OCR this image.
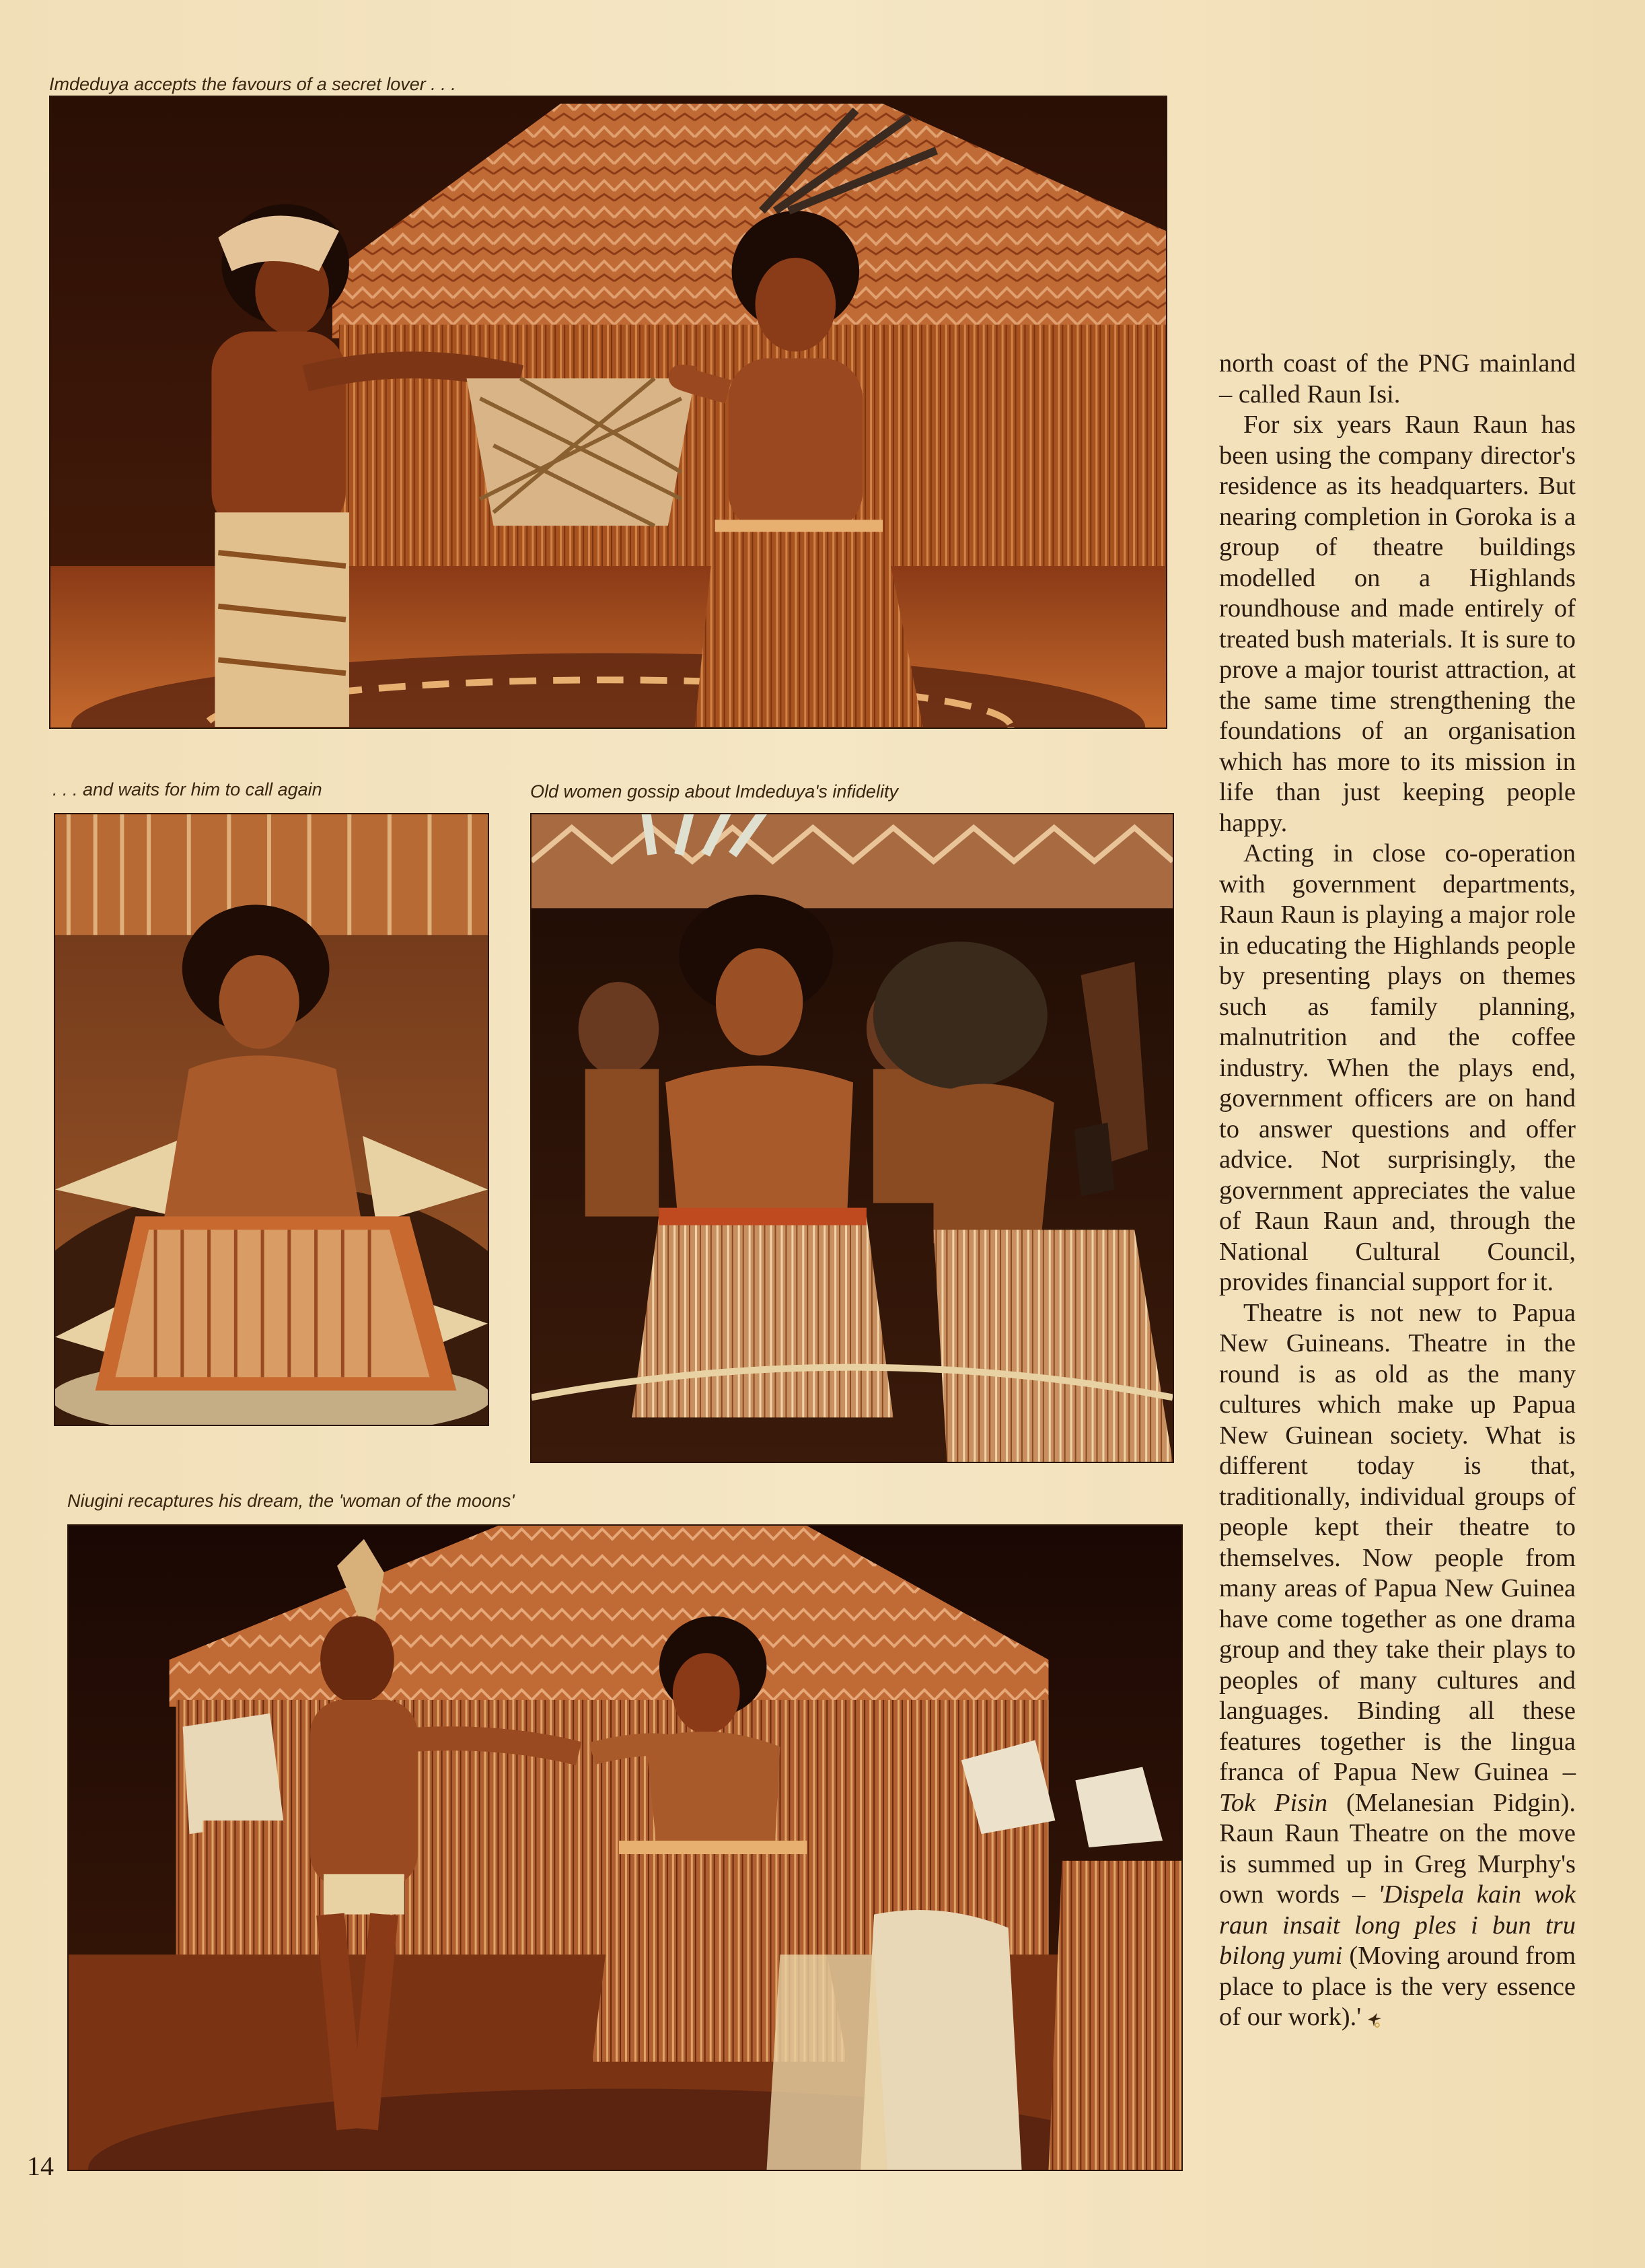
Imdeduya accepts the favours of a secret lover . . .
. . . and waits for him to call again	Old women gossip about Imdeduya's infidelity
Niugini recaptures his dream, the 'woman of the moons'

north coast of the PNG mainland – called Raun Isi.

For six years Raun Raun has been using the company director's residence as its headquarters. But nearing completion in Goroka is a group of theatre buildings modelled on a Highlands roundhouse and made entirely of treated bush materials. It is sure to prove a major tourist attraction, at the same time strengthening the foundations of an organisation which has more to its mission in life than just keeping people happy.

Acting in close co-operation with government departments, Raun Raun is playing a major role in educating the Highlands people by presenting plays on themes such as family planning, malnutrition and the coffee industry. When the plays end, government officers are on hand to answer questions and offer advice. Not surprisingly, the government appreciates the value of Raun Raun and, through the National Cultural Council, provides financial support for it.

Theatre is not new to Papua New Guineans. Theatre in the round is as old as the many cultures which make up Papua New Guinean society. What is different today is that, traditionally, individual groups of people kept their theatre to themselves. Now people from many areas of Papua New Guinea have come together as one drama group and they take their plays to peoples of many cultures and languages. Binding all these features together is the lingua franca of Papua New Guinea – Tok Pisin (Melanesian Pidgin). Raun Raun Theatre on the move is summed up in Greg Murphy's own words – 'Dispela kain wok raun insait long ples i bun tru bilong yumi (Moving around from place to place is the very essence of our work).'

14
